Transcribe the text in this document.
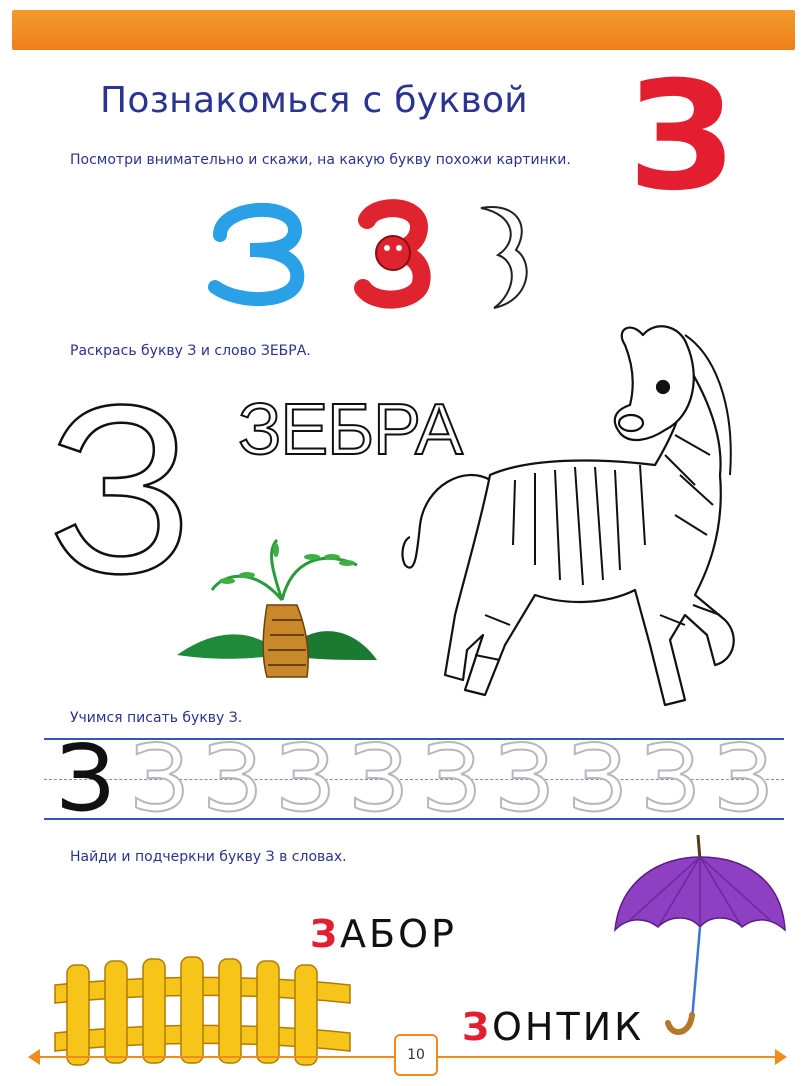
Познакомься с буквой З
Посмотри внимательно и скажи, на какую букву похожи картинки.
Раскрась букву З и слово ЗЕБРА.
З ЗЕБРА
Учимся писать букву З.
З З З З З З З З З З
Найди и подчеркни букву З в словах.
ЗАБОР
ЗОНТИК
10
